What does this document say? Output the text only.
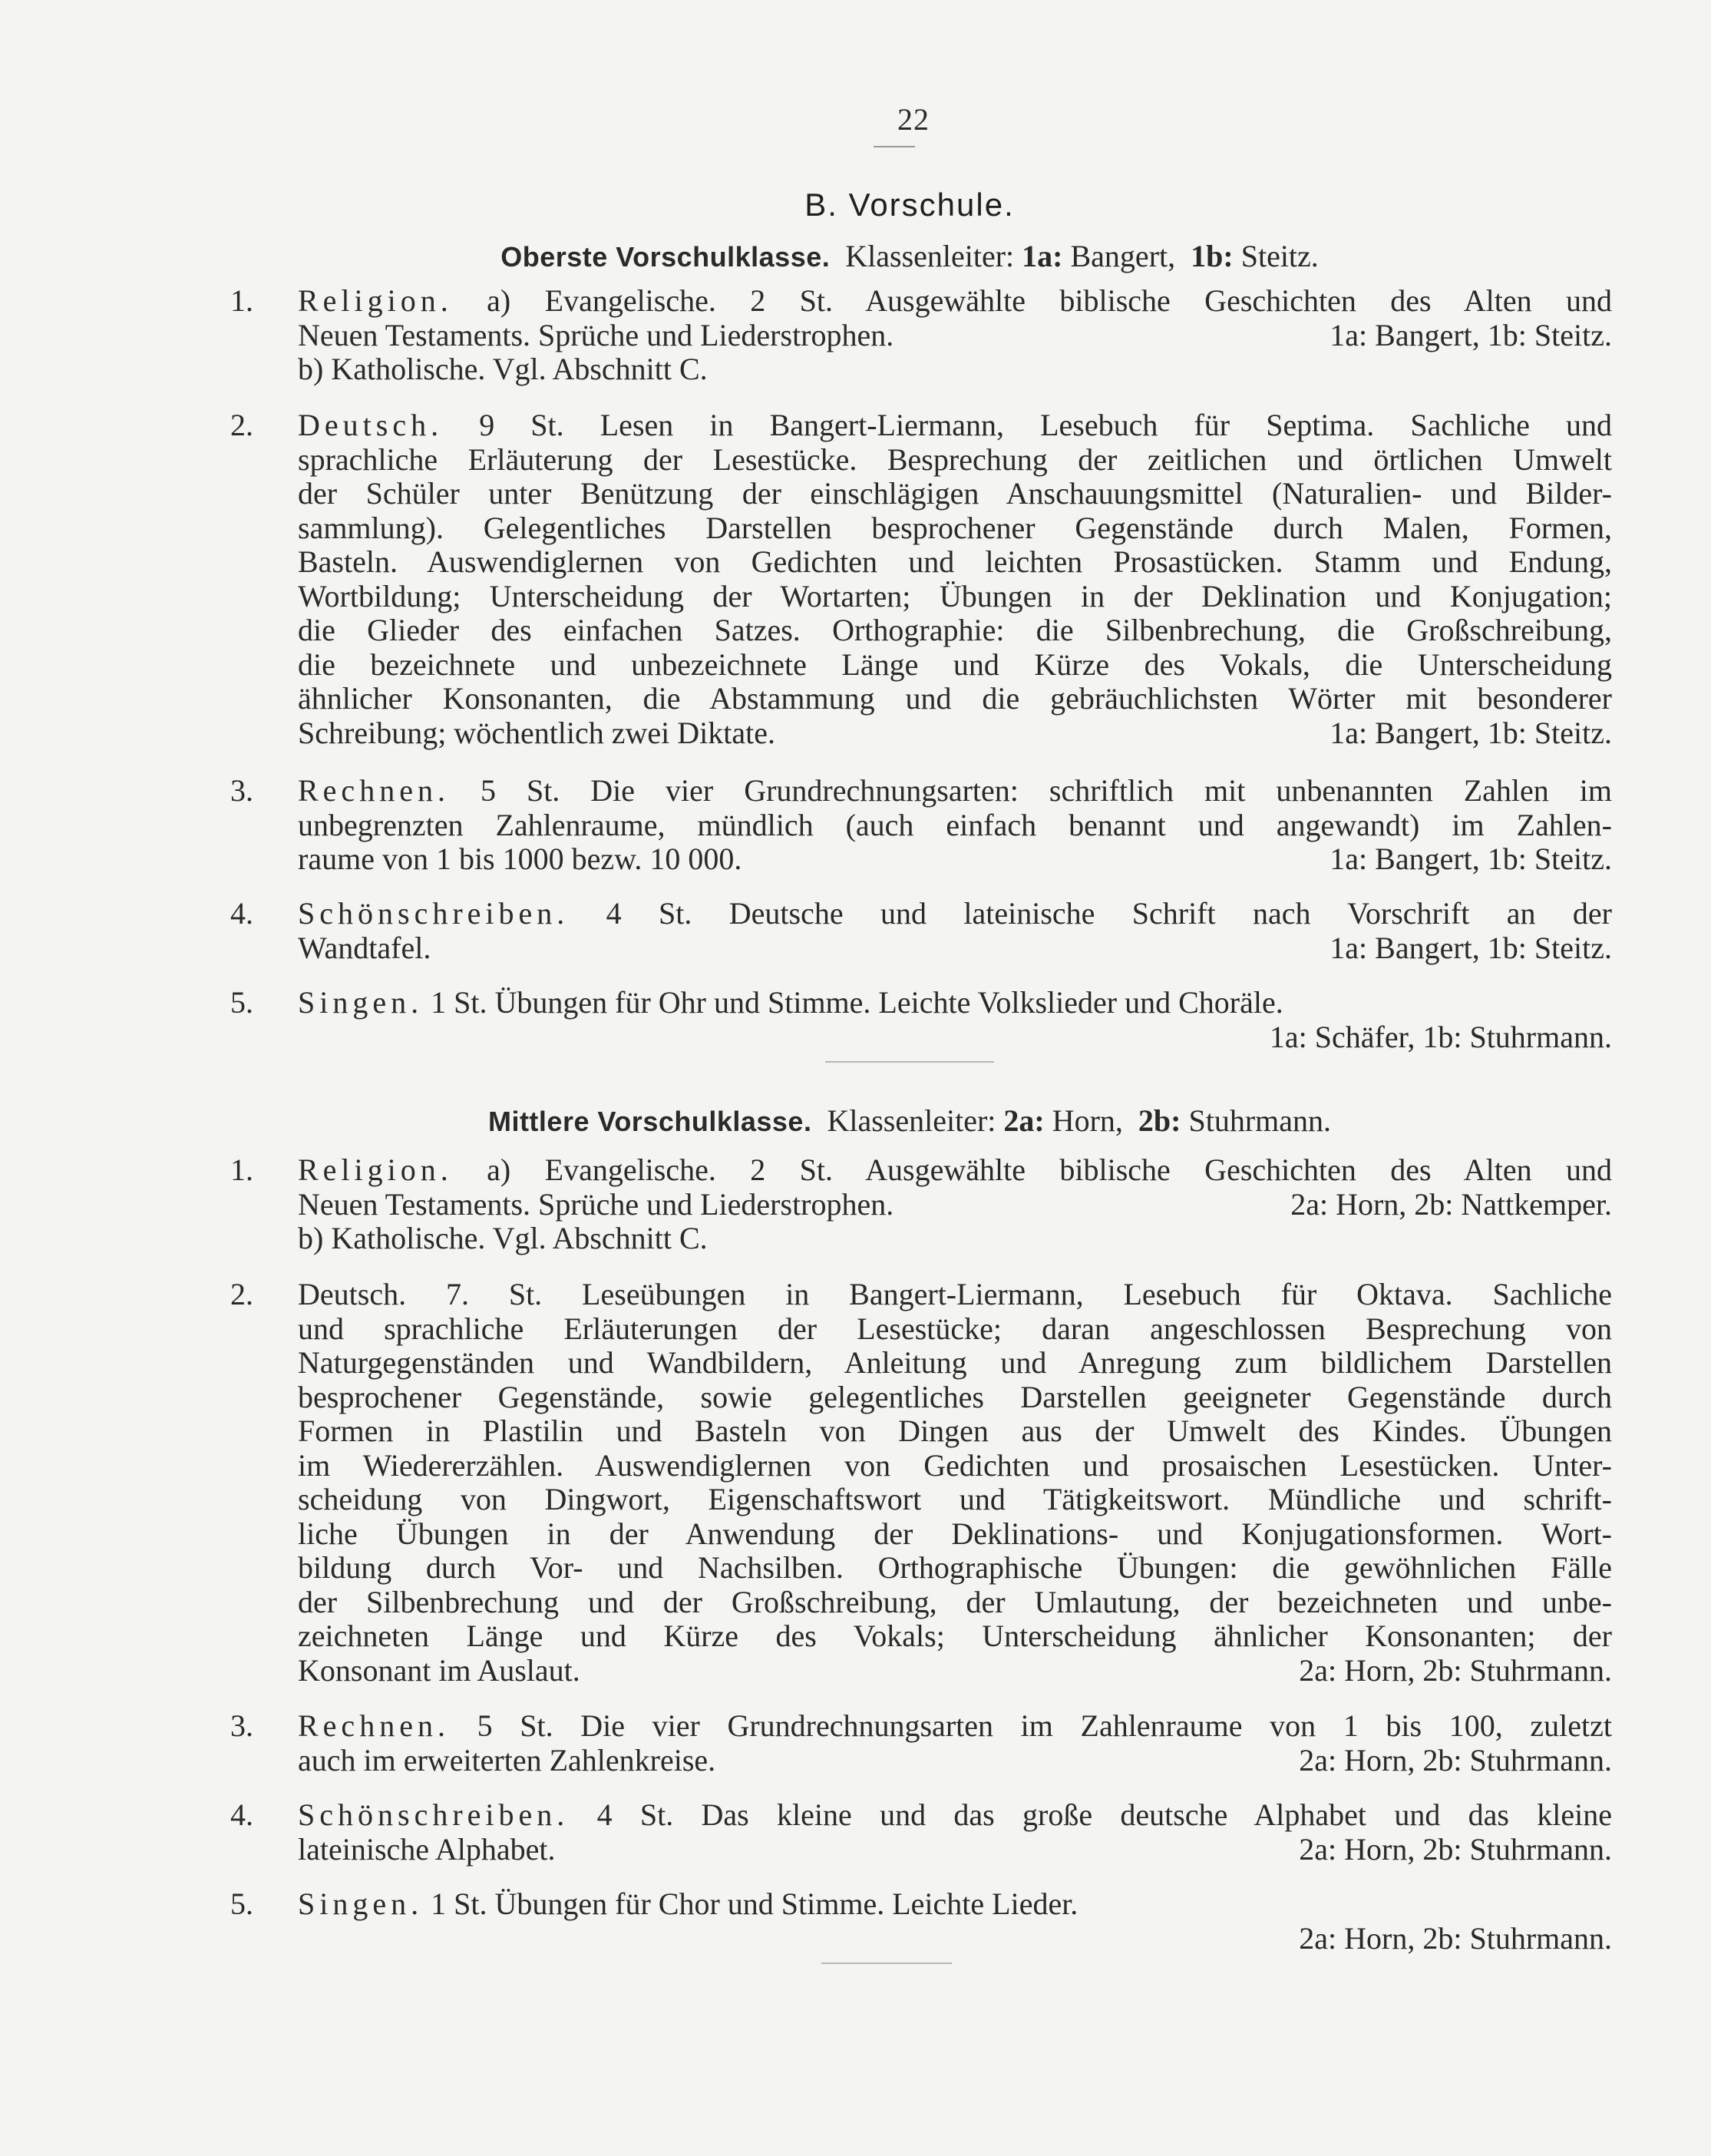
22
B. Vorschule.
Oberste Vorschulklasse. Klassenleiter: 1a: Bangert, 1b: Steitz.
1. Religion. a) Evangelische. 2 St. Ausgewählte biblische Geschichten des Alten und

Neuen Testaments. Sprüche und Liederstrophen.	1a: Bangert, 1b: Steitz.

b) Katholische. Vgl. Abschnitt C.

2. Deutsch. 9 St. Lesen in Bangert-Liermann, Lesebuch für Septima. Sachliche und

sprachliche Erläuterung der Lesestücke. Besprechung der zeitlichen und örtlichen Umwelt

der Schüler unter Benützung der einschlägigen Anschauungsmittel (Naturalien- und Bilder-

sammlung). Gelegentliches Darstellen besprochener Gegenstände durch Malen, Formen,

Basteln. Auswendiglernen von Gedichten und leichten Prosastücken. Stamm und Endung,

Wortbildung; Unterscheidung der Wortarten; Übungen in der Deklination und Konjugation;

die Glieder des einfachen Satzes. Orthographie: die Silbenbrechung, die Großschreibung,

die bezeichnete und unbezeichnete Länge und Kürze des Vokals, die Unterscheidung

ähnlicher Konsonanten, die Abstammung und die gebräuchlichsten Wörter mit besonderer

Schreibung; wöchentlich zwei Diktate.	1a: Bangert, 1b: Steitz.
3. Rechnen. 5 St. Die vier Grundrechnungsarten: schriftlich mit unbenannten Zahlen im

unbegrenzten Zahlenraume, mündlich (auch einfach benannt und angewandt) im Zahlen-

raume von 1 bis 1000 bezw. 10 000.	1a: Bangert, 1b: Steitz.
4. Schönschreiben. 4 St. Deutsche und lateinische Schrift nach Vorschrift an der

Wandtafel.	1a: Bangert, 1b: Steitz.
5. Singen. 1 St. Übungen für Ohr und Stimme. Leichte Volkslieder und Choräle.

1a: Schäfer, 1b: Stuhrmann.

Mittlere Vorschulklasse. Klassenleiter: 2a: Horn, 2b: Stuhrmann.
1. Religion. a) Evangelische. 2 St. Ausgewählte biblische Geschichten des Alten und

Neuen Testaments. Sprüche und Liederstrophen.	2a: Horn, 2b: Nattkemper.

b) Katholische. Vgl. Abschnitt C.

2. Deutsch. 7. St. Leseübungen in Bangert-Liermann, Lesebuch für Oktava. Sachliche

und sprachliche Erläuterungen der Lesestücke; daran angeschlossen Besprechung von

Naturgegenständen und Wandbildern, Anleitung und Anregung zum bildlichem Darstellen

besprochener Gegenstände, sowie gelegentliches Darstellen geeigneter Gegenstände durch

Formen in Plastilin und Basteln von Dingen aus der Umwelt des Kindes. Übungen

im Wiedererzählen. Auswendiglernen von Gedichten und prosaischen Lesestücken. Unter-

scheidung von Dingwort, Eigenschaftswort und Tätigkeitswort. Mündliche und schrift-

liche Übungen in der Anwendung der Deklinations- und Konjugationsformen. Wort-

bildung durch Vor- und Nachsilben. Orthographische Übungen: die gewöhnlichen Fälle

der Silbenbrechung und der Großschreibung, der Umlautung, der bezeichneten und unbe-

zeichneten Länge und Kürze des Vokals; Unterscheidung ähnlicher Konsonanten; der

Konsonant im Auslaut.	2a: Horn, 2b: Stuhrmann.
3. Rechnen. 5 St. Die vier Grundrechnungsarten im Zahlenraume von 1 bis 100, zuletzt

auch im erweiterten Zahlenkreise.	2a: Horn, 2b: Stuhrmann.
4. Schönschreiben. 4 St. Das kleine und das große deutsche Alphabet und das kleine

lateinische Alphabet.	2a: Horn, 2b: Stuhrmann.
5. Singen. 1 St. Übungen für Chor und Stimme. Leichte Lieder.

2a: Horn, 2b: Stuhrmann.
